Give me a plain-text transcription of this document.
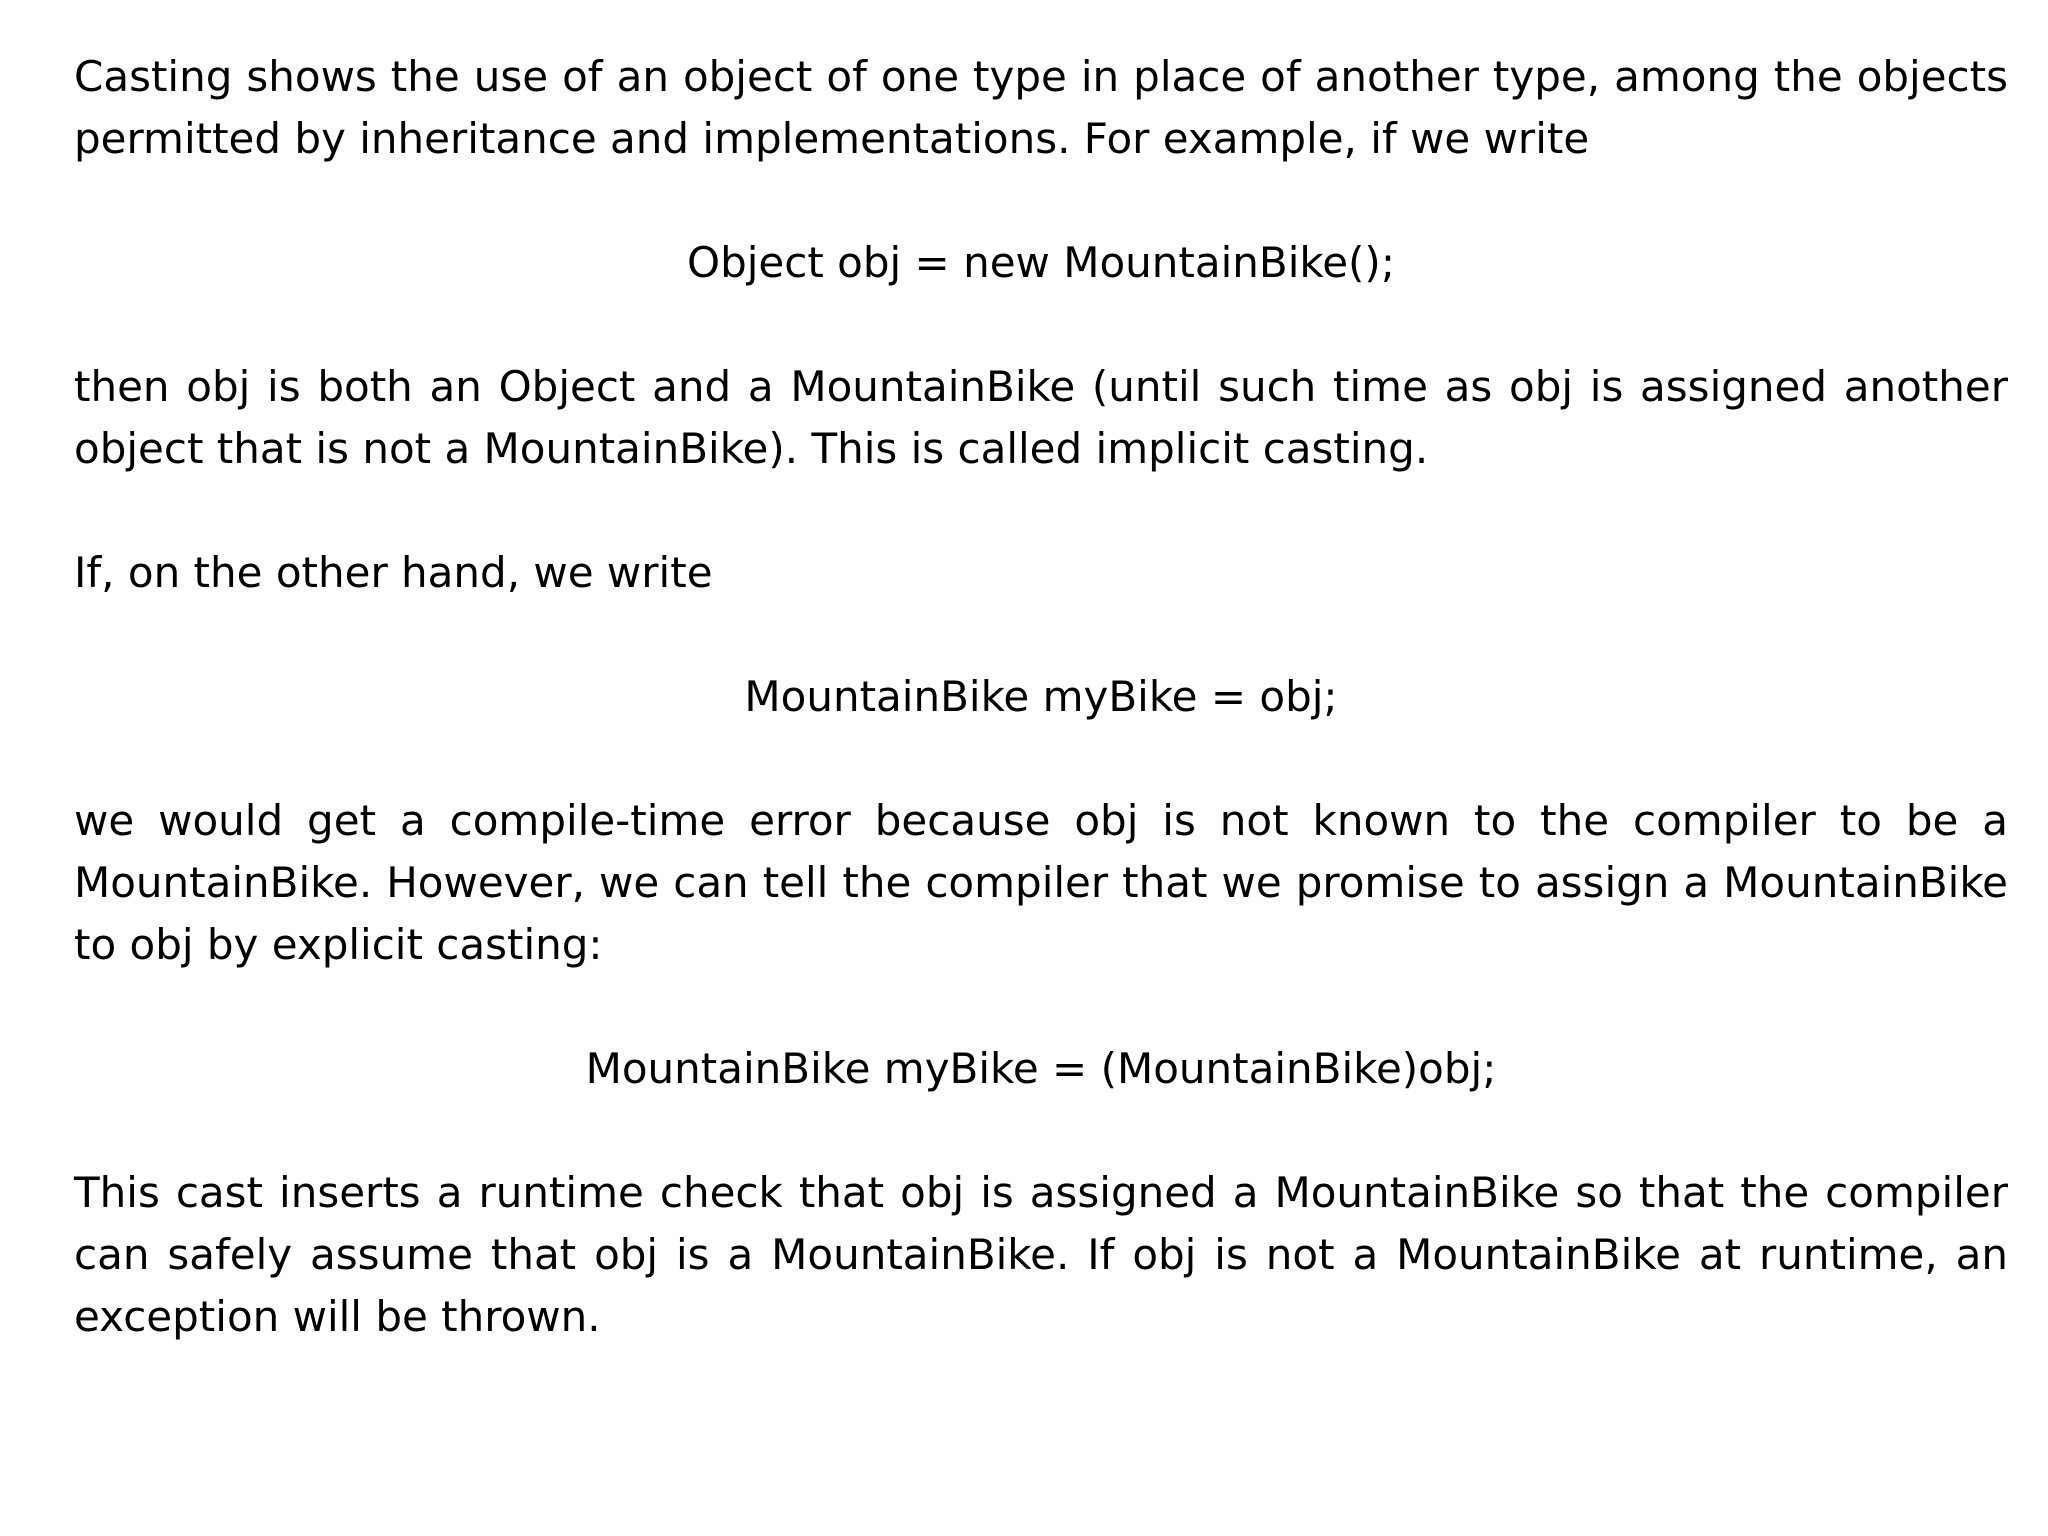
Casting shows the use of an object of one type in place of another type, among the objects permitted by inheritance and implementations. For example, if we write

Object obj = new MountainBike();

then obj is both an Object and a MountainBike (until such time as obj is assigned another object that is not a MountainBike). This is called implicit casting.

If, on the other hand, we write

MountainBike myBike = obj;

we would get a compile-time error because obj is not known to the compiler to be a MountainBike. However, we can tell the compiler that we promise to assign a MountainBike to obj by explicit casting:

MountainBike myBike = (MountainBike)obj;

This cast inserts a runtime check that obj is assigned a MountainBike so that the compiler can safely assume that obj is a MountainBike. If obj is not a MountainBike at runtime, an exception will be thrown.
